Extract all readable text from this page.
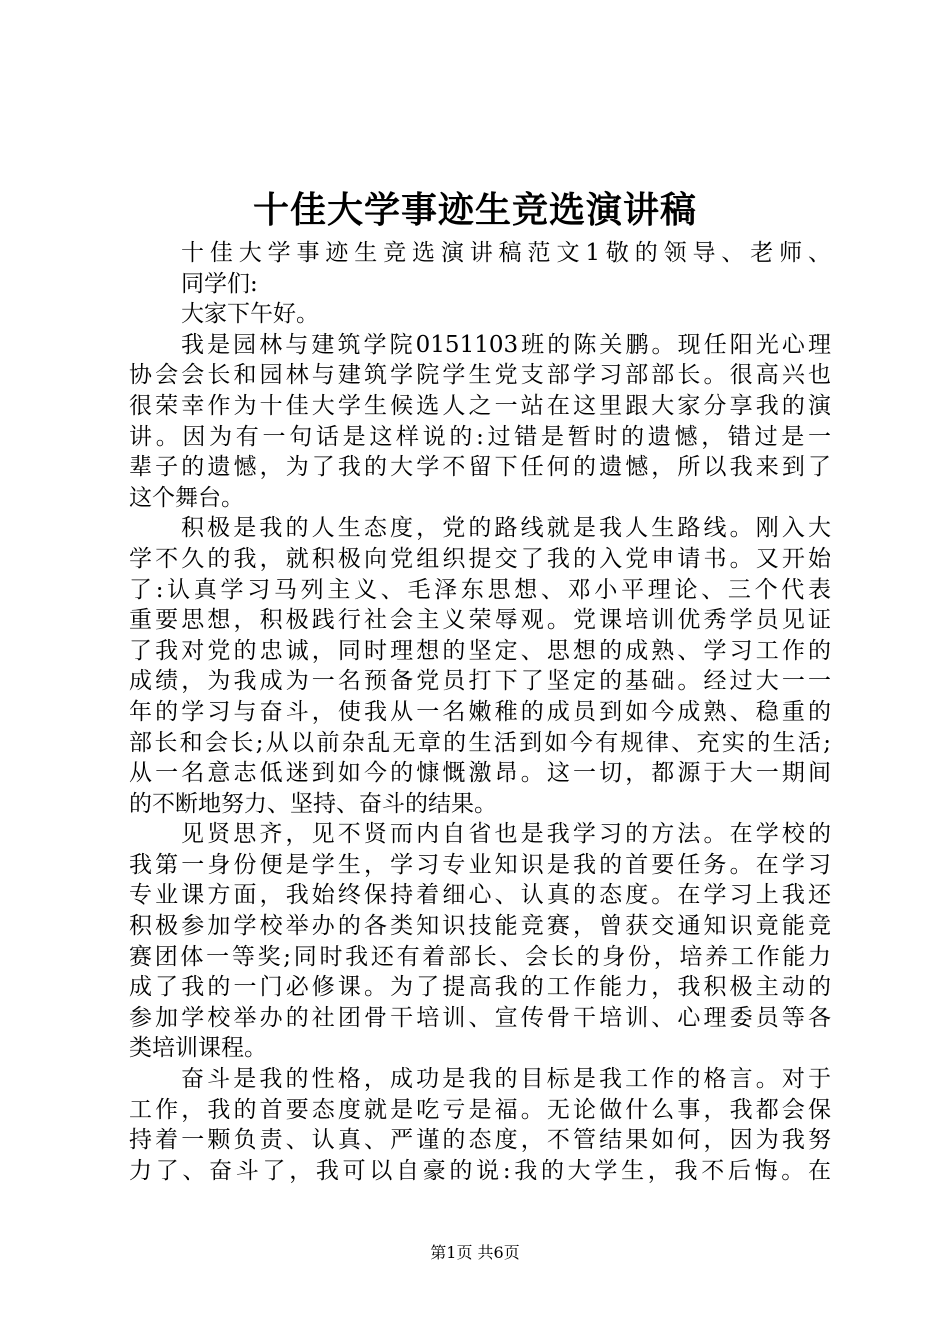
十佳大学事迹生竞选演讲稿
十佳大学事迹生竞选演讲稿范文1敬的领导、老师、
同学们:
大家下午好。
我是园林与建筑学院0151103班的陈关鹏。现任阳光心理
协会会长和园林与建筑学院学生党支部学习部部长。很高兴也
很荣幸作为十佳大学生候选人之一站在这里跟大家分享我的演
讲。因为有一句话是这样说的:过错是暂时的遗憾，错过是一
辈子的遗憾，为了我的大学不留下任何的遗憾，所以我来到了
这个舞台。
积极是我的人生态度，党的路线就是我人生路线。刚入大
学不久的我，就积极向党组织提交了我的入党申请书。又开始
了:认真学习马列主义、毛泽东思想、邓小平理论、三个代表
重要思想，积极践行社会主义荣辱观。党课培训优秀学员见证
了我对党的忠诚，同时理想的坚定、思想的成熟、学习工作的
成绩，为我成为一名预备党员打下了坚定的基础。经过大一一
年的学习与奋斗，使我从一名嫩稚的成员到如今成熟、稳重的
部长和会长;从以前杂乱无章的生活到如今有规律、充实的生活;
从一名意志低迷到如今的慷慨激昂。这一切，都源于大一期间
的不断地努力、坚持、奋斗的结果。
见贤思齐，见不贤而内自省也是我学习的方法。在学校的
我第一身份便是学生，学习专业知识是我的首要任务。在学习
专业课方面，我始终保持着细心、认真的态度。在学习上我还
积极参加学校举办的各类知识技能竞赛，曾获交通知识竟能竞
赛团体一等奖;同时我还有着部长、会长的身份，培养工作能力
成了我的一门必修课。为了提高我的工作能力，我积极主动的
参加学校举办的社团骨干培训、宣传骨干培训、心理委员等各
类培训课程。
奋斗是我的性格，成功是我的目标是我工作的格言。对于
工作，我的首要态度就是吃亏是福。无论做什么事，我都会保
持着一颗负责、认真、严谨的态度，不管结果如何，因为我努
力了、奋斗了，我可以自豪的说:我的大学生，我不后悔。在
第1页 共6页
